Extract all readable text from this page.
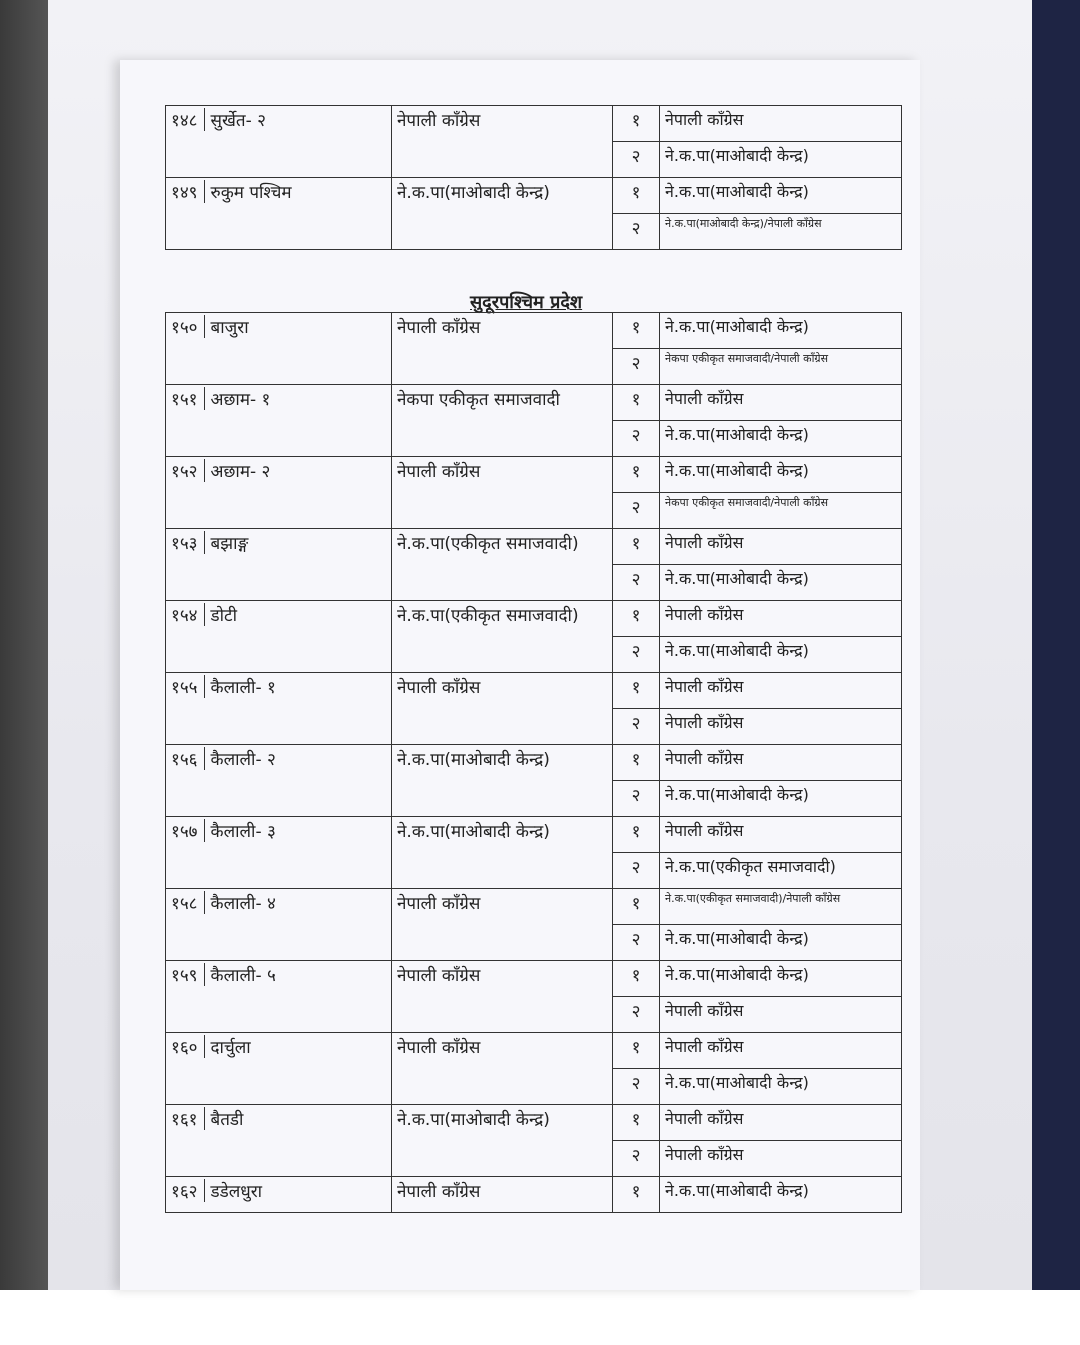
१४८ सुर्खेत- २	नेपाली काँग्रेस	१	नेपाली काँग्रेस
		२	ने.क.पा(माओबादी केन्द्र)
१४९ रुकुम पश्चिम	ने.क.पा(माओबादी केन्द्र)	१	ने.क.पा(माओबादी केन्द्र)
		२	ने.क.पा(माओबादी केन्द्र)/नेपाली काँग्रेस
सुदूरपश्चिम प्रदेश
१५० बाजुरा	नेपाली काँग्रेस	१	ने.क.पा(माओबादी केन्द्र)
		२	नेकपा एकीकृत समाजवादी/नेपाली काँग्रेस
१५१ अछाम- १	नेकपा एकीकृत समाजवादी	१	नेपाली काँग्रेस
		२	ने.क.पा(माओबादी केन्द्र)
१५२ अछाम- २	नेपाली काँग्रेस	१	ने.क.पा(माओबादी केन्द्र)
		२	नेकपा एकीकृत समाजवादी/नेपाली काँग्रेस
१५३ बझाङ्ग	ने.क.पा(एकीकृत समाजवादी)	१	नेपाली काँग्रेस
		२	ने.क.पा(माओबादी केन्द्र)
१५४ डोटी	ने.क.पा(एकीकृत समाजवादी)	१	नेपाली काँग्रेस
		२	ने.क.पा(माओबादी केन्द्र)
१५५ कैलाली- १	नेपाली काँग्रेस	१	नेपाली काँग्रेस
		२	नेपाली काँग्रेस
१५६ कैलाली- २	ने.क.पा(माओबादी केन्द्र)	१	नेपाली काँग्रेस
		२	ने.क.पा(माओबादी केन्द्र)
१५७ कैलाली- ३	ने.क.पा(माओबादी केन्द्र)	१	नेपाली काँग्रेस
		२	ने.क.पा(एकीकृत समाजवादी)
१५८ कैलाली- ४	नेपाली काँग्रेस	१	ने.क.पा(एकीकृत समाजवादी)/नेपाली काँग्रेस
		२	ने.क.पा(माओबादी केन्द्र)
१५९ कैलाली- ५	नेपाली काँग्रेस	१	ने.क.पा(माओबादी केन्द्र)
		२	नेपाली काँग्रेस
१६० दार्चुला	नेपाली काँग्रेस	१	नेपाली काँग्रेस
		२	ने.क.पा(माओबादी केन्द्र)
१६१ बैतडी	ने.क.पा(माओबादी केन्द्र)	१	नेपाली काँग्रेस
		२	नेपाली काँग्रेस
१६२ डडेलधुरा	नेपाली काँग्रेस	१	ने.क.पा(माओबादी केन्द्र)
